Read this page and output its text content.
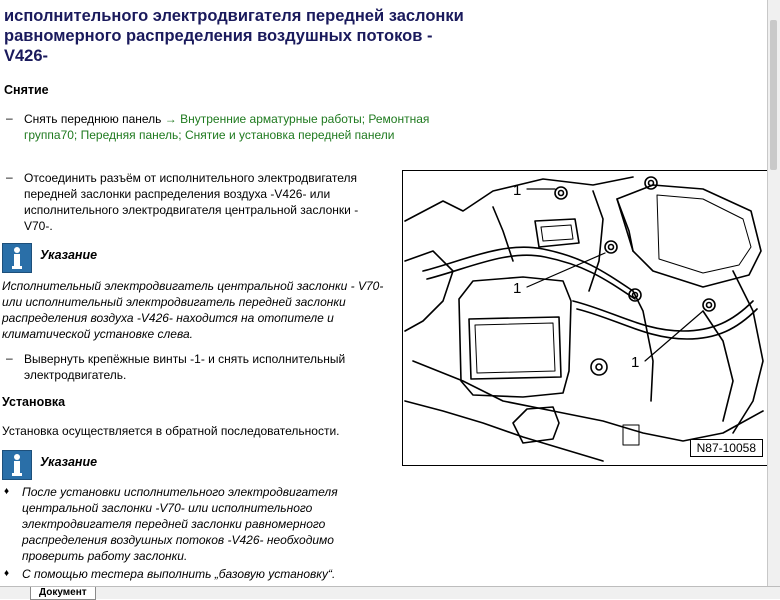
исполнительного электродвигателя передней заслонки равномерного распределения воздушных потоков -V426-
Снятие
– Снять переднюю панель → Внутренние арматурные работы; Ремонтная группа70; Передняя панель; Снятие и установка передней панели
– Отсоединить разъём от исполнительного электродвигателя передней заслонки распределения воздуха -V426- или исполнительного электродвигателя центральной заслонки -V70-.
Указание
Исполнительный электродвигатель центральной заслонки - V70- или исполнительный электродвигатель передней заслонки распределения воздуха -V426- находится на отопителе и климатической установке слева.
– Вывернуть крепёжные винты -1- и снять исполнительный электродвигатель.
Установка
Установка осуществляется в обратной последовательности.
Указание
♦ После установки исполнительного электродвигателя центральной заслонки -V70- или исполнительного электродвигателя передней заслонки равномерного распределения воздушных потоков -V426- необходимо проверить работу заслонки.
♦ С помощью тестера выполнить „базовую установку“.
1
1
1
N87-10058
Документ
